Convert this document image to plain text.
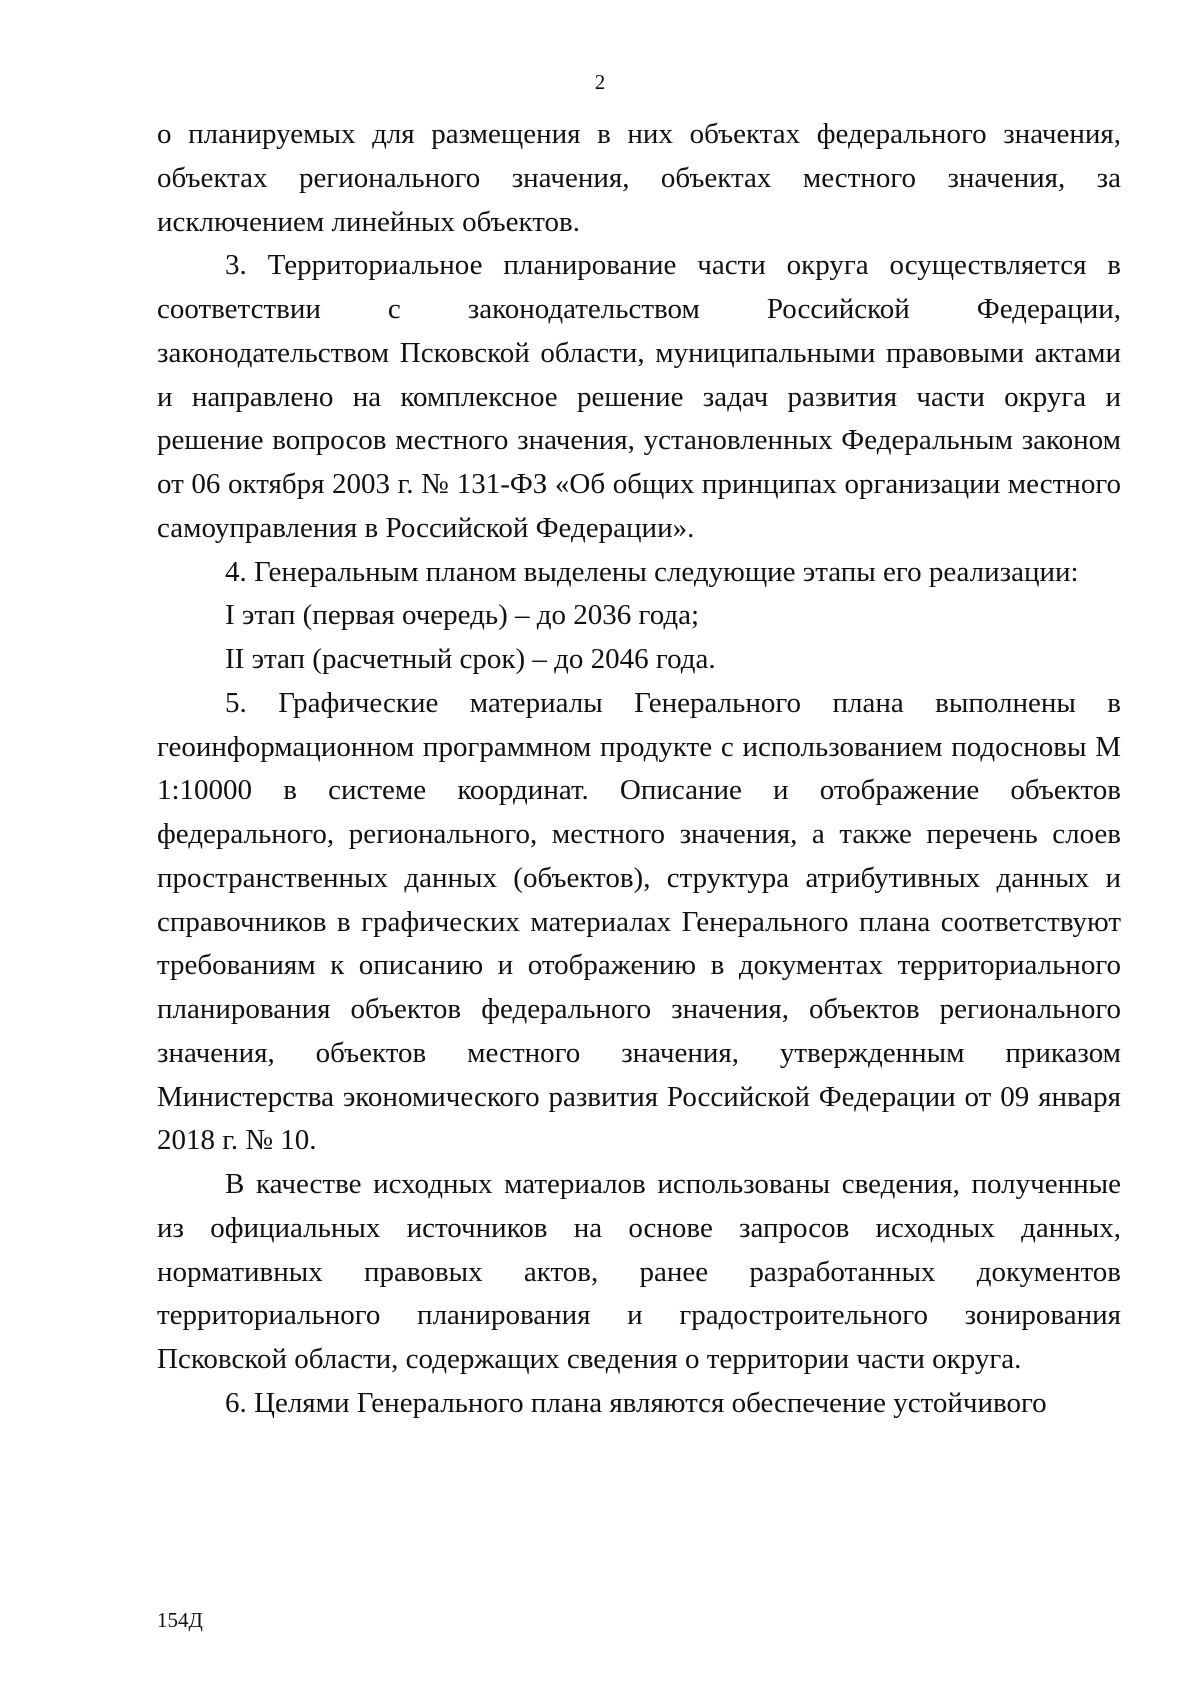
2

о планируемых для размещения в них объектах федерального значения, объектах регионального значения, объектах местного значения, за исключением линейных объектов.

3. Территориальное планирование части округа осуществляется в соответствии с законодательством Российской Федерации, законодательством Псковской области, муниципальными правовыми актами и направлено на комплексное решение задач развития части округа и решение вопросов местного значения, установленных Федеральным законом от 06 октября 2003 г. № 131-ФЗ «Об общих принципах организации местного самоуправления в Российской Федерации».

4. Генеральным планом выделены следующие этапы его реализации:

I этап (первая очередь) – до 2036 года;

II этап (расчетный срок) – до 2046 года.

5. Графические материалы Генерального плана выполнены в геоинформационном программном продукте с использованием подосновы М 1:10000 в системе координат. Описание и отображение объектов федерального, регионального, местного значения, а также перечень слоев пространственных данных (объектов), структура атрибутивных данных и справочников в графических материалах Генерального плана соответствуют требованиям к описанию и отображению в документах территориального планирования объектов федерального значения, объектов регионального значения, объектов местного значения, утвержденным приказом Министерства экономического развития Российской Федерации от 09 января 2018 г. № 10.

В качестве исходных материалов использованы сведения, полученные из официальных источников на основе запросов исходных данных, нормативных правовых актов, ранее разработанных документов территориального планирования и градостроительного зонирования Псковской области, содержащих сведения о территории части округа.

6. Целями Генерального плана являются обеспечение устойчивого

154Д
